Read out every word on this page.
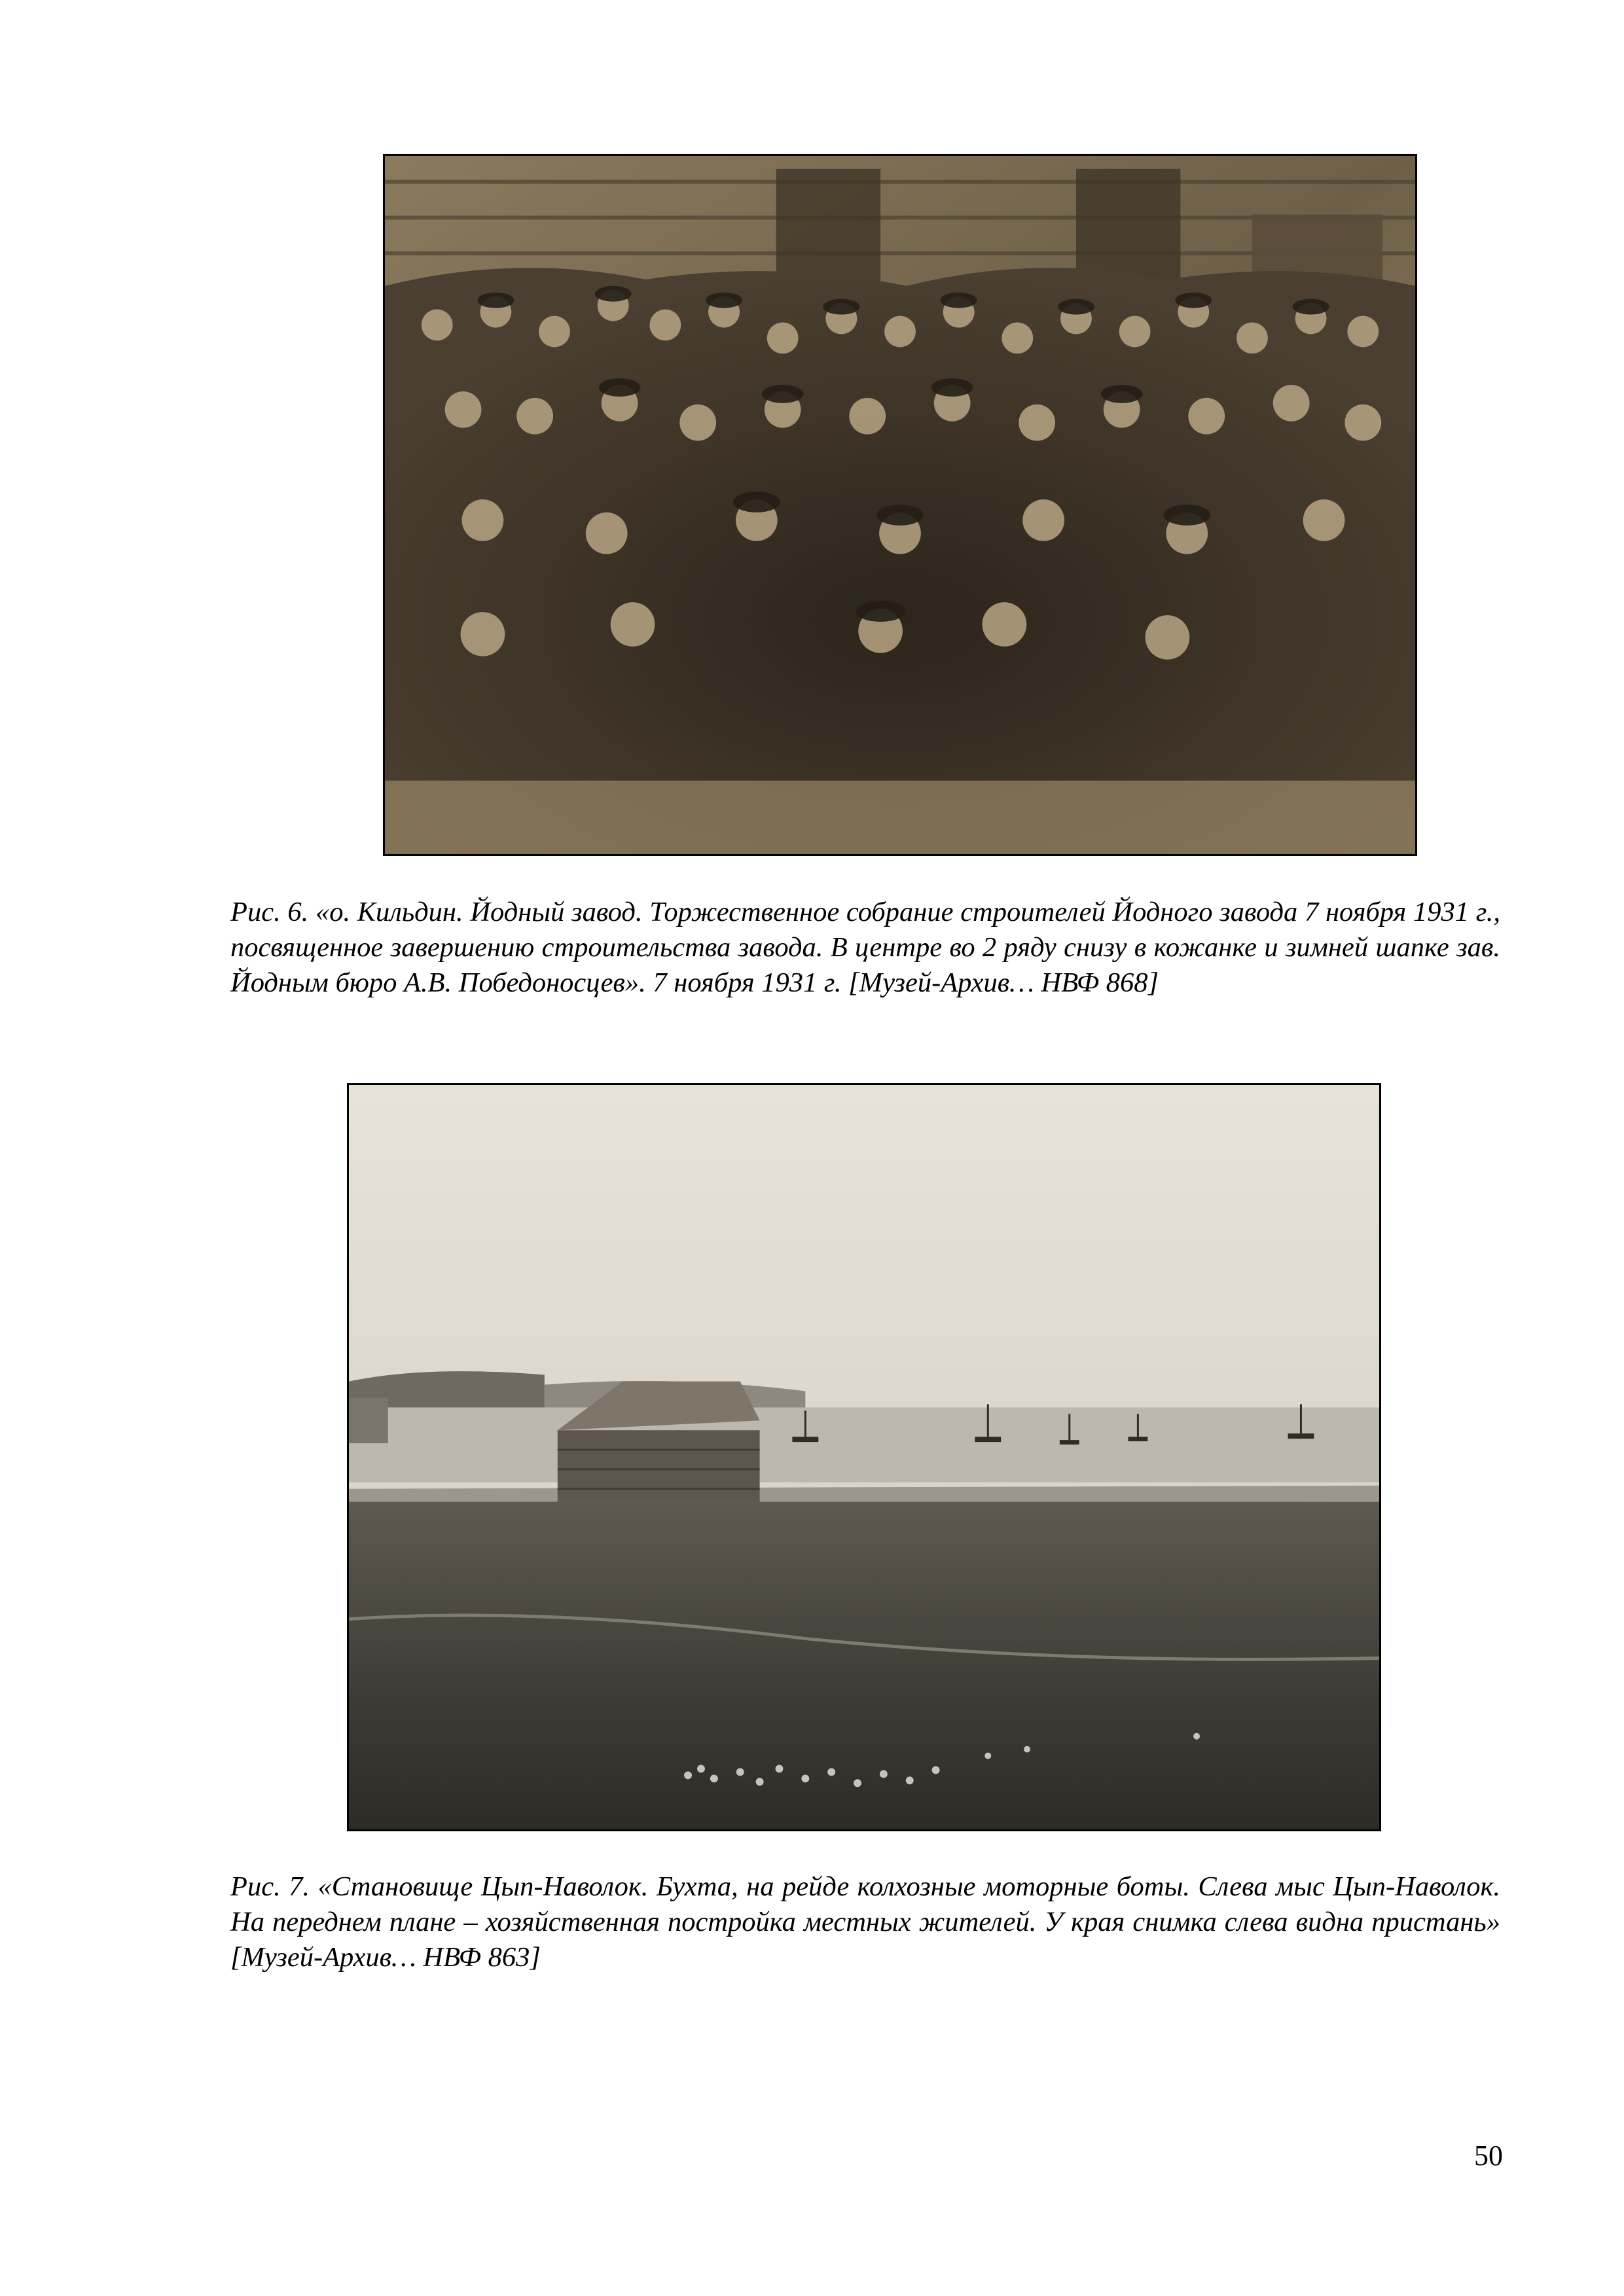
Рис. 6. «о. Кильдин. Йодный завод. Торжественное собрание строителей Йодного завода 7 ноября 1931 г., посвященное завершению строительства завода. В центре во 2 ряду снизу в кожанке и зимней шапке зав. Йодным бюро А.В. Победоносцев». 7 ноября 1931 г. [Музей-Архив… НВФ 868]

Рис. 7. «Становище Цып-Наволок. Бухта, на рейде колхозные моторные боты. Слева мыс Цып-Наволок. На переднем плане – хозяйственная постройка местных жителей. У края снимка слева видна пристань» [Музей-Архив… НВФ 863]

50
